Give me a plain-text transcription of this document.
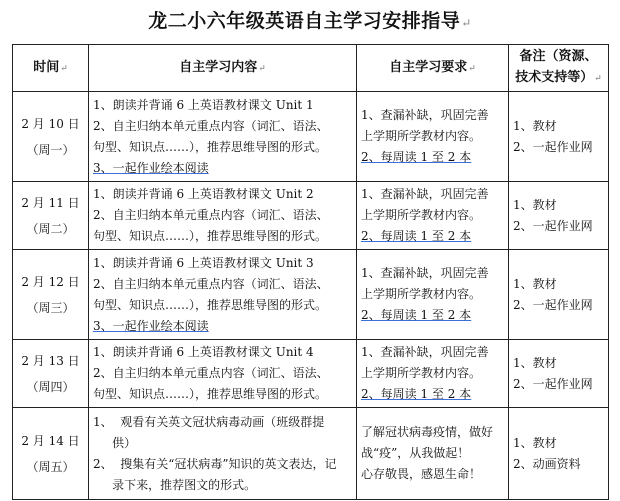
龙二小六年级英语自主学习安排指导↵
时间↵	自主学习内容↵	自主学习要求↵	备注（资源、
技术支持等）↵

2 月 10 日
（周一）	1、朗读并背诵 6 上英语教材课文 Unit 1
2、自主归纳本单元重点内容（词汇、语法、
句型、知识点……），推荐思维导图的形式。
3、一起作业绘本阅读	1、查漏补缺，巩固完善
上学期所学教材内容。
2、每周读 1 至 2 本	1、教材
2、一起作业网

2 月 11 日
（周二）	1、朗读并背诵 6 上英语教材课文 Unit 2
2、自主归纳本单元重点内容（词汇、语法、
句型、知识点……），推荐思维导图的形式。	1、查漏补缺，巩固完善
上学期所学教材内容。
2、每周读 1 至 2 本	1、教材
2、一起作业网

2 月 12 日
（周三）	1、朗读并背诵 6 上英语教材课文 Unit 3
2、自主归纳本单元重点内容（词汇、语法、
句型、知识点……），推荐思维导图的形式。
3、一起作业绘本阅读	1、查漏补缺，巩固完善
上学期所学教材内容。
2、每周读 1 至 2 本	1、教材
2、一起作业网

2 月 13 日
（周四）	1、朗读并背诵 6 上英语教材课文 Unit 4
2、自主归纳本单元重点内容（词汇、语法、
句型、知识点……），推荐思维导图的形式。	1、查漏补缺，巩固完善
上学期所学教材内容。
2、每周读 1 至 2 本	1、教材
2、一起作业网

2 月 14 日
（周五）	1、  观看有关英文冠状病毒动画（班级群提
供）
2、  搜集有关“冠状病毒”知识的英文表达，记
录下来，推荐图文的形式。	了解冠状病毒疫情，做好
战“疫”，从我做起！
心存敬畏，感恩生命！	1、教材
2、动画资料
